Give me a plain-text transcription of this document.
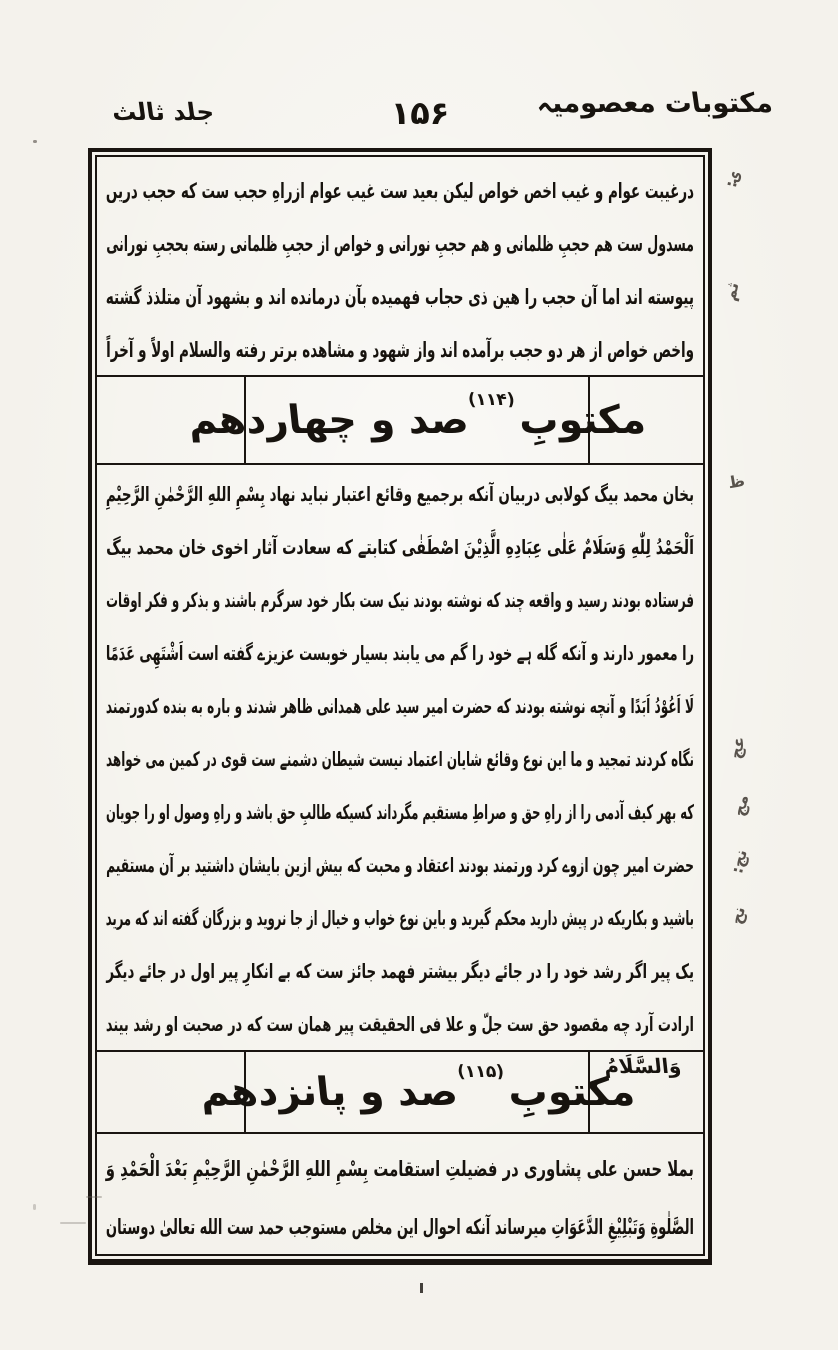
مکتوبات معصومیہ
۱۵۶
جلد ثالث
درغیبت عوام و غیب اخص خواص لیکن بعید ست غیب عوام ازراهِ حجب ست که حجب دریں
مسدول ست هم حجبِ ظلمانی و هم حجبِ نورانی و خواص از حجبِ ظلمانی رسته بحجبِ نورانی
پیوسته اند اما آن حجب را هین ذی حجاب فهمیده بآن درمانده اند و بشهود آن متلذذ گشته
واخص خواص از هر دو حجب برآمده اند واز شهود و مشاهده برتر رفته والسلام اولاً و آخراً
مکتوبِ$^{(۱۱۴)}$صد و چهاردهم
بخان محمد بیگ کولابی دربیان آنکه برجمیع وقائع اعتبار نباید نهاد بِسْمِ اللهِ الرَّحْمٰنِ الرَّحِیْمِ
اَلْحَمْدُ لِلّٰهِ وَسَلَامٌ عَلٰی عِبَادِهِ الَّذِیْنَ اصْطَفٰی کتابتے که سعادت آثار اخوی خان محمد بیگ
فرستاده بودند رسید و واقعه چند که نوشته بودند نیک ست بکار خود سرگرم باشند و بذکر و فکر اوقات
را معمور دارند و آنکه گله ہے خود را گم می یابند بسیار خوبست عزیزے گفته است اَشْتَهِی عَدَمًا
لَا اَعُوْدُ اَبَدًا و آنچه نوشته بودند که حضرت امیر سید علی همدانی ظاهر شدند و باره به بنده کدورتمند
نگاه کردند تمجید و ما این نوع وقائع شایان اعتماد نیست شیطان دشمنے ست قوی در کمین می خواهد
که بهر کیف آدمی را از راهِ حق و صراطِ مستقیم مگرداند کسیکه طالبِ حق باشد و راهِ وصول او را جویان
حضرت امیر چون ازوے کرد ورتمند بودند اعتقاد و محبت که بیش ازین بایشان داشتید بر آن مستقیم
باشید و بکاریکه در پیش دارید محکم گیرید و باین نوع خواب و خیال از جا نروید و بزرگان گفته اند که مرید
یک پیر اگر رشد خود را در جائے دیگر بیشتر فهمد جائز ست که بے انکارِ پیر اول در جائے دیگر
ارادت آرد چه مقصود حق ست جلّ و علا فی الحقیقت پیر همان ست که در صحبت او رشد بیند
وَالسَّلَامُ
مکتوبِ$^{(۱۱۵)}$صد و پانزدهم
بملا حسن علی پشاوری در فضیلتِ استقامت بِسْمِ اللهِ الرَّحْمٰنِ الرَّحِیْمِ بَعْدَ الْحَمْدِ وَ
الصَّلٰوةِ وَتَبْلِیْغِ الدَّعَوَاتِ میرساند آنکه احوال این مخلص مستوجب حمد ست الله تعالیٰ دوستان
ۍ:
ثم
ظ
عج
مج
نج:
نح
